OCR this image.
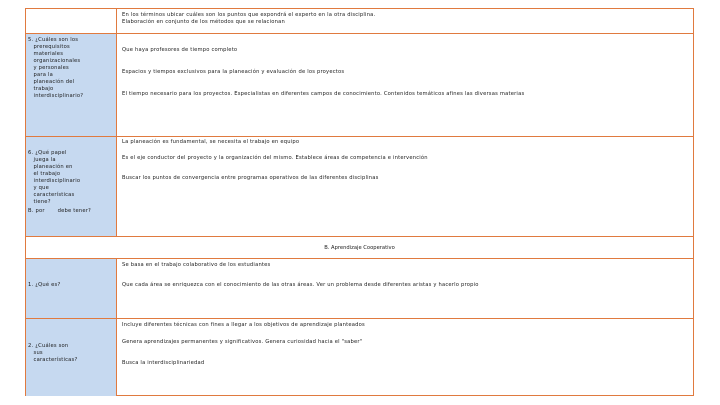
En los términos ubicar cuáles son los puntos que expondrá el experto en la otra disciplina.
Elaboración en conjunto de los métodos que se relacionan
5. ¿Cuáles son los
prerequisitos
materiales
organizacionales
y personales
para la
planeación del
trabajo
interdisciplinario?
Que haya profesores de tiempo completo
Espacios y tiempos exclusivos para la planeación y evaluación de los proyectos
El tiempo necesario para los proyectos. Especialistas en diferentes campos de conocimiento. Contenidos temáticos afines las diversas materias
6. ¿Qué papel
juega la
planeación en
el trabajo
interdisciplinario
y que
características
tiene?
B. por       debe tener?
La planeación es fundamental, se necesita el trabajo en equipo
Es el eje conductor del proyecto y la organización del mismo. Establece áreas de competencia e intervención
Buscar los puntos de convergencia entre programas operativos de las diferentes disciplinas
B. Aprendizaje Cooperativo
1. ¿Qué es?
Se basa en el trabajo colaborativo de los estudiantes
Que cada área se enriquezca con el conocimiento de las otras áreas. Ver un problema desde diferentes aristas y hacerlo propio
2. ¿Cuáles son
sus
características?
Incluye diferentes técnicas con fines a llegar a los objetivos de aprendizaje planteados
Genera aprendizajes permanentes y significativos. Genera curiosidad hacia el "saber"
Busca la interdisciplinariedad
